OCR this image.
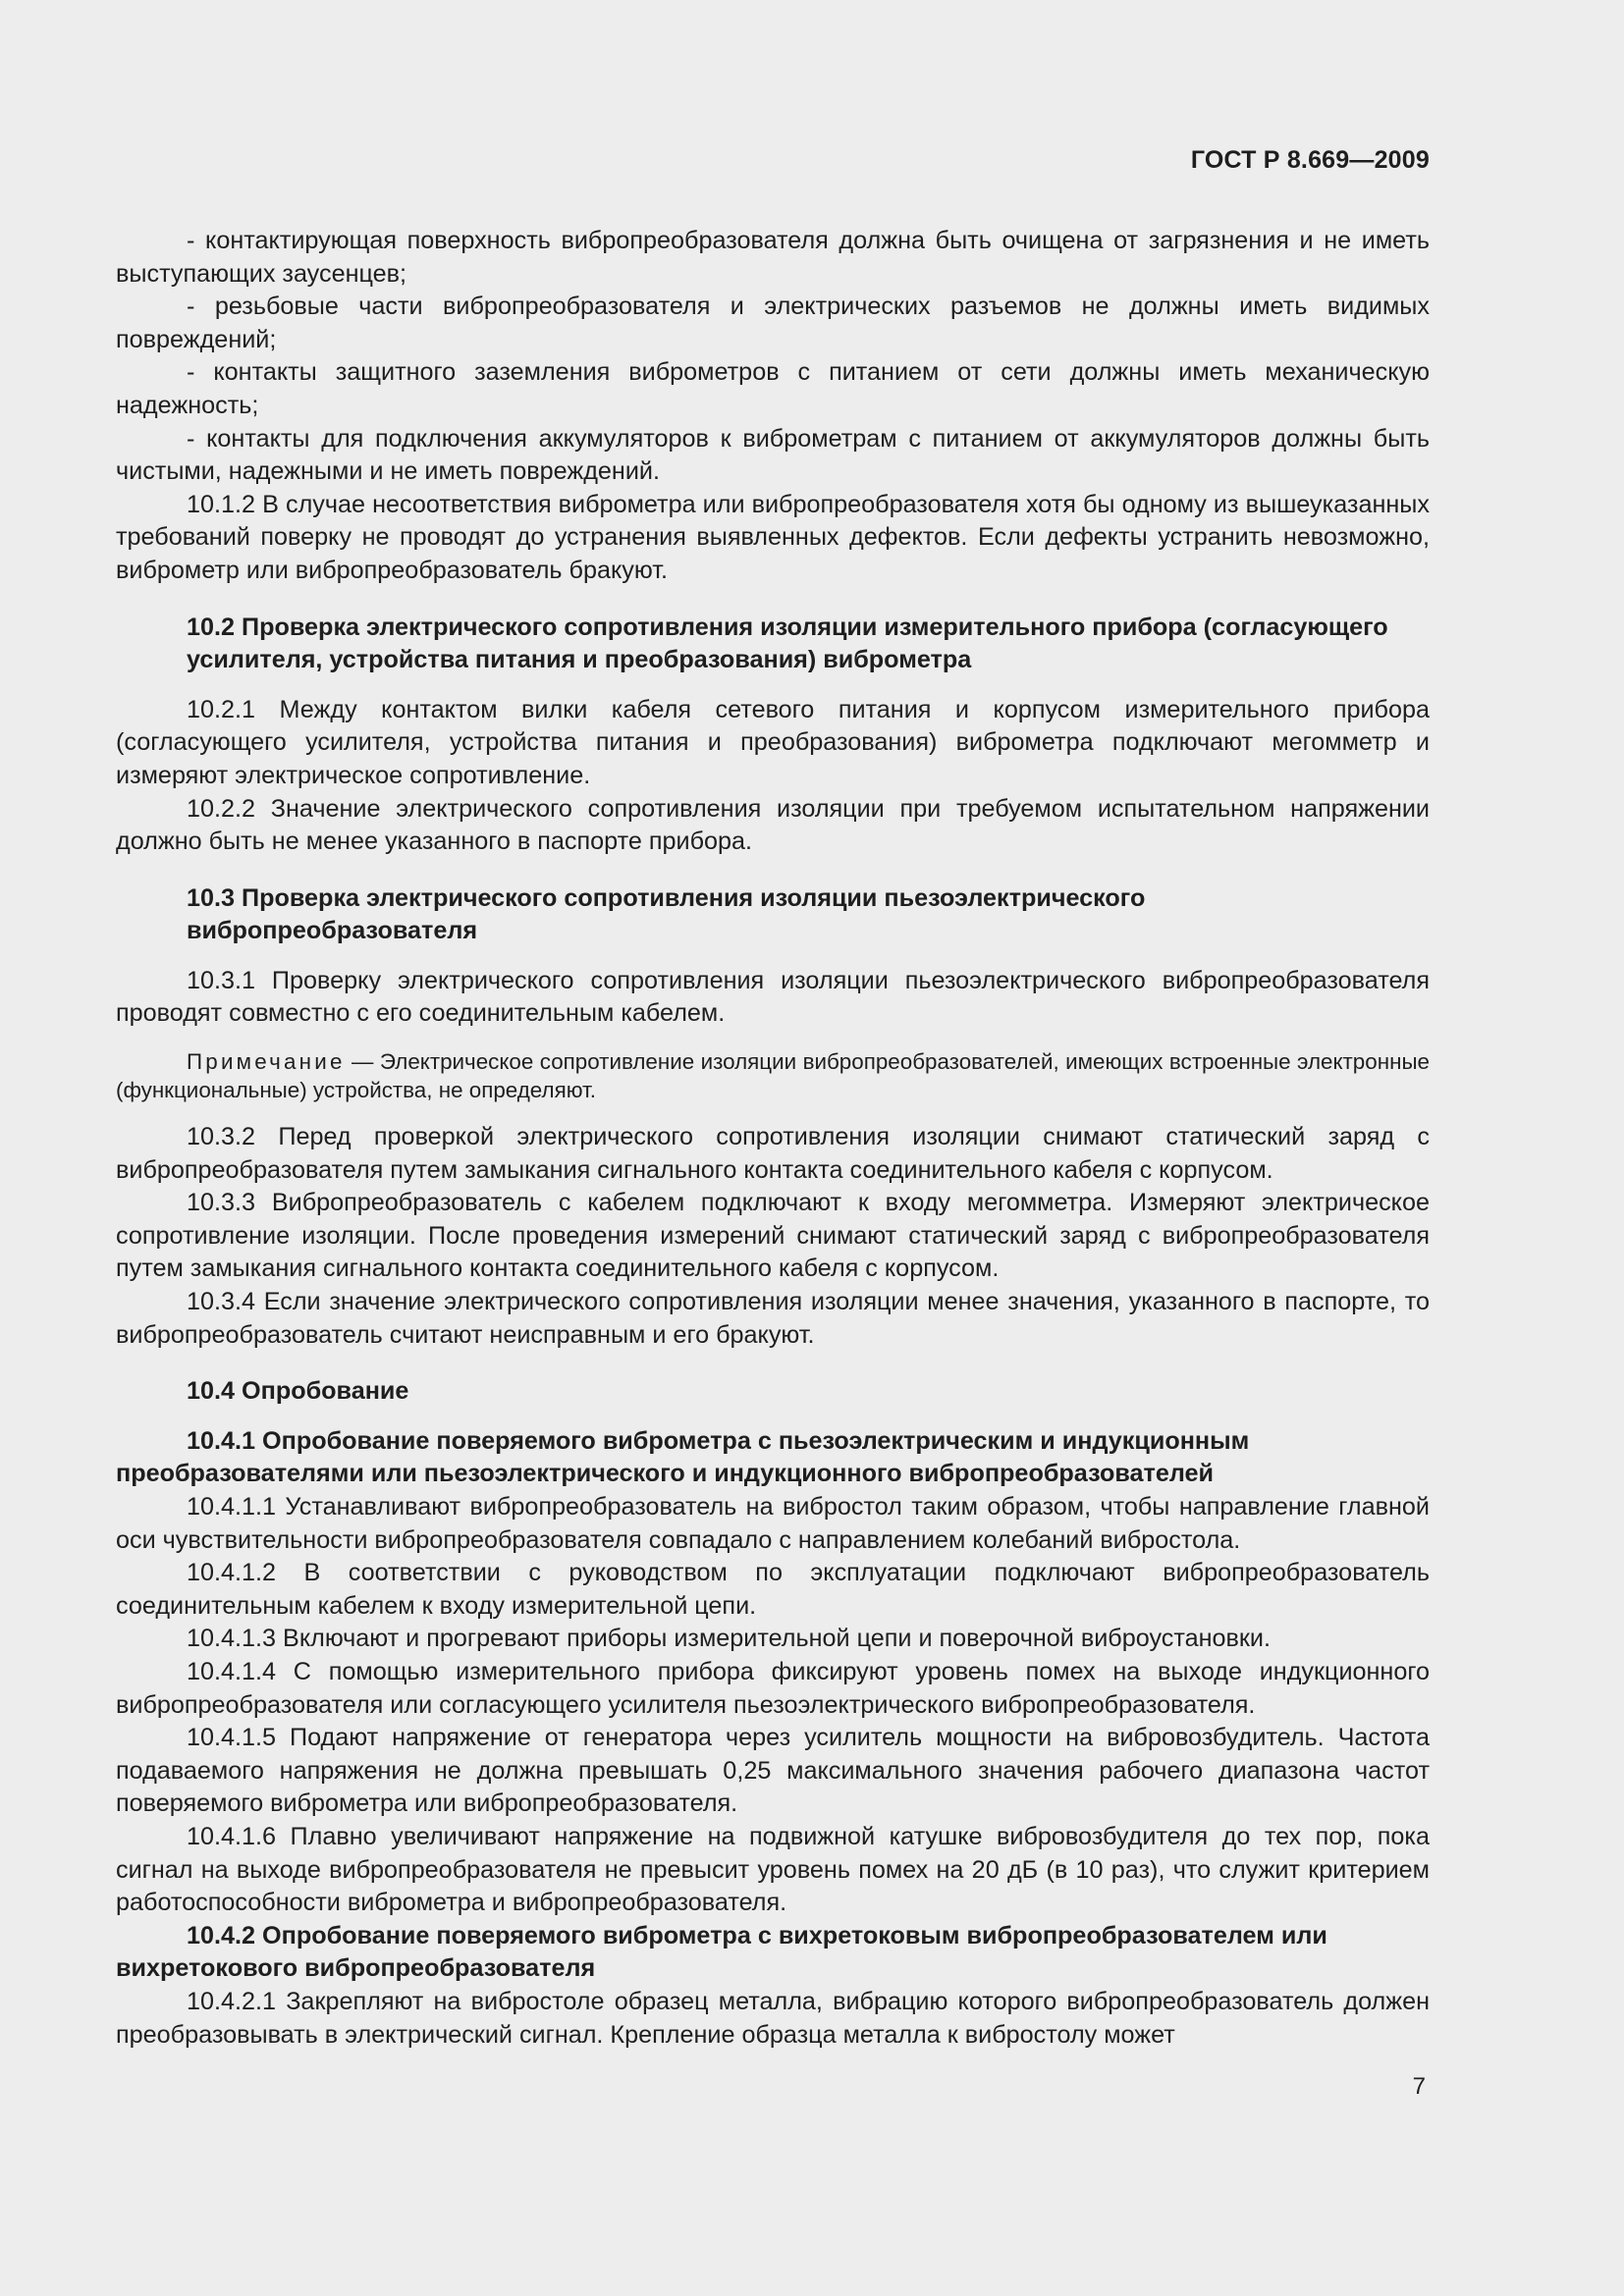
ГОСТ Р 8.669—2009

- контактирующая поверхность вибропреобразователя должна быть очищена от загрязнения и не иметь выступающих заусенцев;

- резьбовые части вибропреобразователя и электрических разъемов не должны иметь видимых повреждений;

- контакты защитного заземления виброметров с питанием от сети должны иметь механическую надежность;

- контакты для подключения аккумуляторов к виброметрам с питанием от аккумуляторов должны быть чистыми, надежными и не иметь повреждений.

10.1.2 В случае несоответствия виброметра или вибропреобразователя хотя бы одному из вышеуказанных требований поверку не проводят до устранения выявленных дефектов. Если дефекты устранить невозможно, виброметр или вибропреобразователь бракуют.

10.2 Проверка электрического сопротивления изоляции измерительного прибора (согласующего усилителя, устройства питания и преобразования) виброметра

10.2.1 Между контактом вилки кабеля сетевого питания и корпусом измерительного прибора (согласующего усилителя, устройства питания и преобразования) виброметра подключают мегомметр и измеряют электрическое сопротивление.

10.2.2 Значение электрического сопротивления изоляции при требуемом испытательном напряжении должно быть не менее указанного в паспорте прибора.

10.3 Проверка электрического сопротивления изоляции пьезоэлектрического вибропреобразователя

10.3.1 Проверку электрического сопротивления изоляции пьезоэлектрического вибропреобразователя проводят совместно с его соединительным кабелем.

Примечание — Электрическое сопротивление изоляции вибропреобразователей, имеющих встроенные электронные (функциональные) устройства, не определяют.

10.3.2 Перед проверкой электрического сопротивления изоляции снимают статический заряд с вибропреобразователя путем замыкания сигнального контакта соединительного кабеля с корпусом.

10.3.3 Вибропреобразователь с кабелем подключают к входу мегомметра. Измеряют электрическое сопротивление изоляции. После проведения измерений снимают статический заряд с вибропреобразователя путем замыкания сигнального контакта соединительного кабеля с корпусом.

10.3.4 Если значение электрического сопротивления изоляции менее значения, указанного в паспорте, то вибропреобразователь считают неисправным и его бракуют.

10.4 Опробование

10.4.1 Опробование поверяемого виброметра с пьезоэлектрическим и индукционным преобразователями или пьезоэлектрического и индукционного вибропреобразователей

10.4.1.1 Устанавливают вибропреобразователь на вибростол таким образом, чтобы направление главной оси чувствительности вибропреобразователя совпадало с направлением колебаний вибростола.

10.4.1.2 В соответствии с руководством по эксплуатации подключают вибропреобразователь соединительным кабелем к входу измерительной цепи.

10.4.1.3 Включают и прогревают приборы измерительной цепи и поверочной виброустановки.

10.4.1.4 С помощью измерительного прибора фиксируют уровень помех на выходе индукционного вибропреобразователя или согласующего усилителя пьезоэлектрического вибропреобразователя.

10.4.1.5 Подают напряжение от генератора через усилитель мощности на вибровозбудитель. Частота подаваемого напряжения не должна превышать 0,25 максимального значения рабочего диапазона частот поверяемого виброметра или вибропреобразователя.

10.4.1.6 Плавно увеличивают напряжение на подвижной катушке вибровозбудителя до тех пор, пока сигнал на выходе вибропреобразователя не превысит уровень помех на 20 дБ (в 10 раз), что служит критерием работоспособности виброметра и вибропреобразователя.

10.4.2 Опробование поверяемого виброметра с вихретоковым вибропреобразователем или вихретокового вибропреобразователя

10.4.2.1 Закрепляют на вибростоле образец металла, вибрацию которого вибропреобразователь должен преобразовывать в электрический сигнал. Крепление образца металла к вибростолу может

7
